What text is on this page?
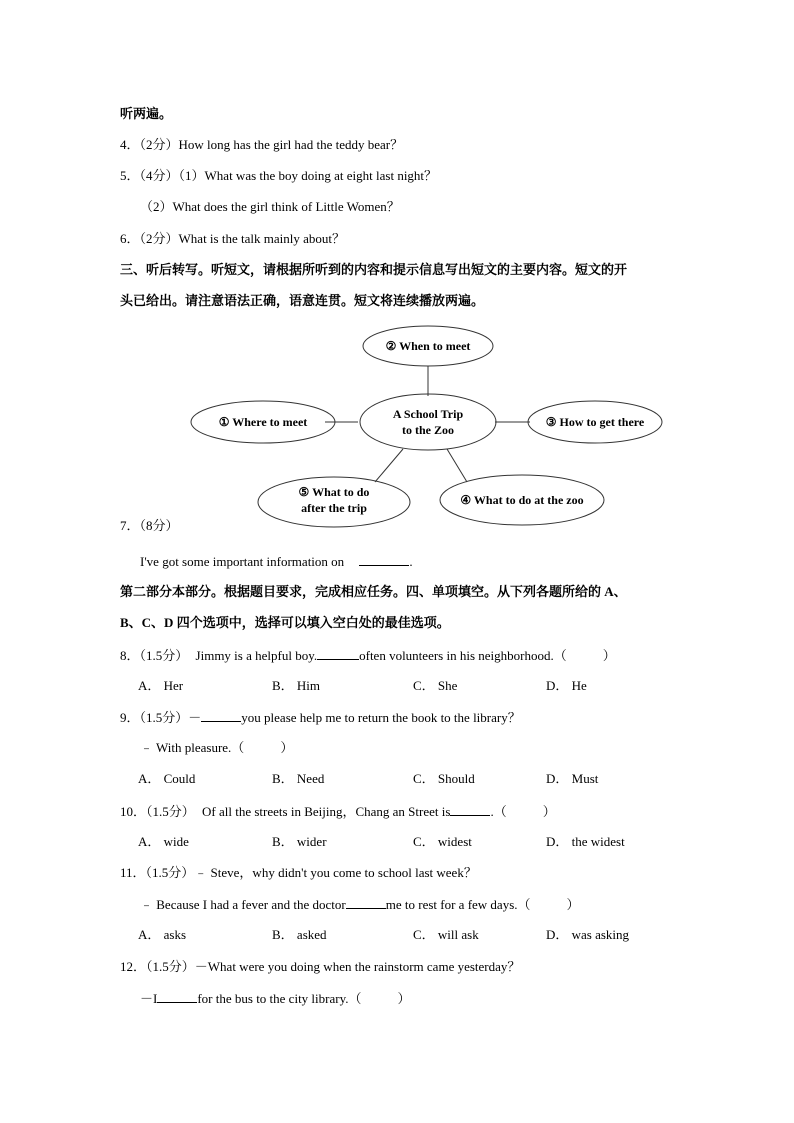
听两遍。
4．（2分）How long has the girl had the teddy bear？
5．（4分）（1）What was the boy doing at eight last night？
（2）What does the girl think of Little Women？
6．（2分）What is the talk mainly about？
三、听后转写。听短文，请根据所听到的内容和提示信息写出短文的主要内容。短文的开
头已给出。请注意语法正确，语意连贯。短文将连续播放两遍。
② When to meet
A School Trip
to the Zoo
① Where to meet	③ How to get there
⑤ What to do
after the trip
④ What to do at the zoo
7．（8分）
I've got some important information on	.
第二部分本部分。根据题目要求，完成相应任务。四、单项填空。从下列各题所给的 A、
B、C、D 四个选项中，选择可以填入空白处的最佳选项。
8．（1.5分） Jimmy is a helpful boy.	often volunteers in his neighborhood.（	）
A． Her	B． Him	C． She	D． He
9．（1.5分）－	you please help me to return the book to the library？
﹣ With pleasure.（	）
A． Could	B． Need	C． Should	D． Must
10．（1.5分） Of all the streets in Beijing，Chang an Street is	.（	）
A． wide	B． wider	C． widest	D． the widest
11．（1.5分）﹣ Steve，why didn't you come to school last week？
﹣ Because I had a fever and the doctor	me to rest for a few days.（	）
A． asks	B． asked	C． will ask	D． was asking
12．（1.5分）－What were you doing when the rainstorm came yesterday？
－I	for the bus to the city library.（	）
